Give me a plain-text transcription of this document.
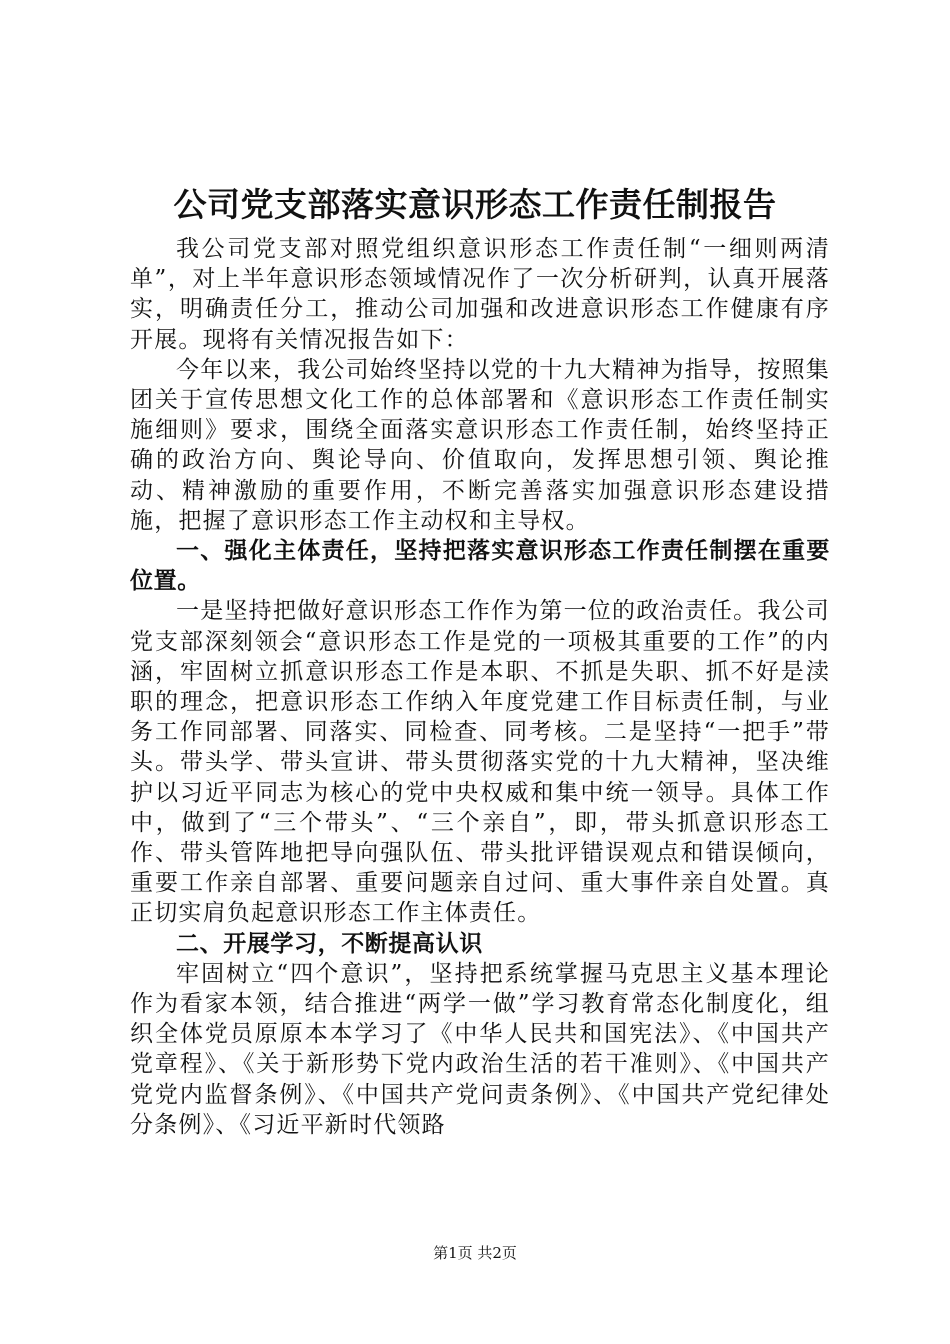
公司党支部落实意识形态工作责任制报告

我公司党支部对照党组织意识形态工作责任制“一细则两清单”，对上半年意识形态领域情况作了一次分析研判，认真开展落实，明确责任分工，推动公司加强和改进意识形态工作健康有序开展。现将有关情况报告如下：

今年以来，我公司始终坚持以党的十九大精神为指导，按照集团关于宣传思想文化工作的总体部署和《意识形态工作责任制实施细则》要求，围绕全面落实意识形态工作责任制，始终坚持正确的政治方向、舆论导向、价值取向，发挥思想引领、舆论推动、精神激励的重要作用，不断完善落实加强意识形态建设措施，把握了意识形态工作主动权和主导权。

一、强化主体责任，坚持把落实意识形态工作责任制摆在重要位置。

一是坚持把做好意识形态工作作为第一位的政治责任。我公司党支部深刻领会“意识形态工作是党的一项极其重要的工作”的内涵，牢固树立抓意识形态工作是本职、不抓是失职、抓不好是渎职的理念，把意识形态工作纳入年度党建工作目标责任制，与业务工作同部署、同落实、同检查、同考核。二是坚持“一把手”带头。带头学、带头宣讲、带头贯彻落实党的十九大精神，坚决维护以习近平同志为核心的党中央权威和集中统一领导。具体工作中，做到了“三个带头”、“三个亲自”，即，带头抓意识形态工作、带头管阵地把导向强队伍、带头批评错误观点和错误倾向，重要工作亲自部署、重要问题亲自过问、重大事件亲自处置。真正切实肩负起意识形态工作主体责任。

二、开展学习，不断提高认识

牢固树立“四个意识”，坚持把系统掌握马克思主义基本理论作为看家本领，结合推进“两学一做”学习教育常态化制度化，组织全体党员原原本本学习了《中华人民共和国宪法》、《中国共产党章程》、《关于新形势下党内政治生活的若干准则》、《中国共产党党内监督条例》、《中国共产党问责条例》、《中国共产党纪律处分条例》、《习近平新时代领路

第1页 共2页
